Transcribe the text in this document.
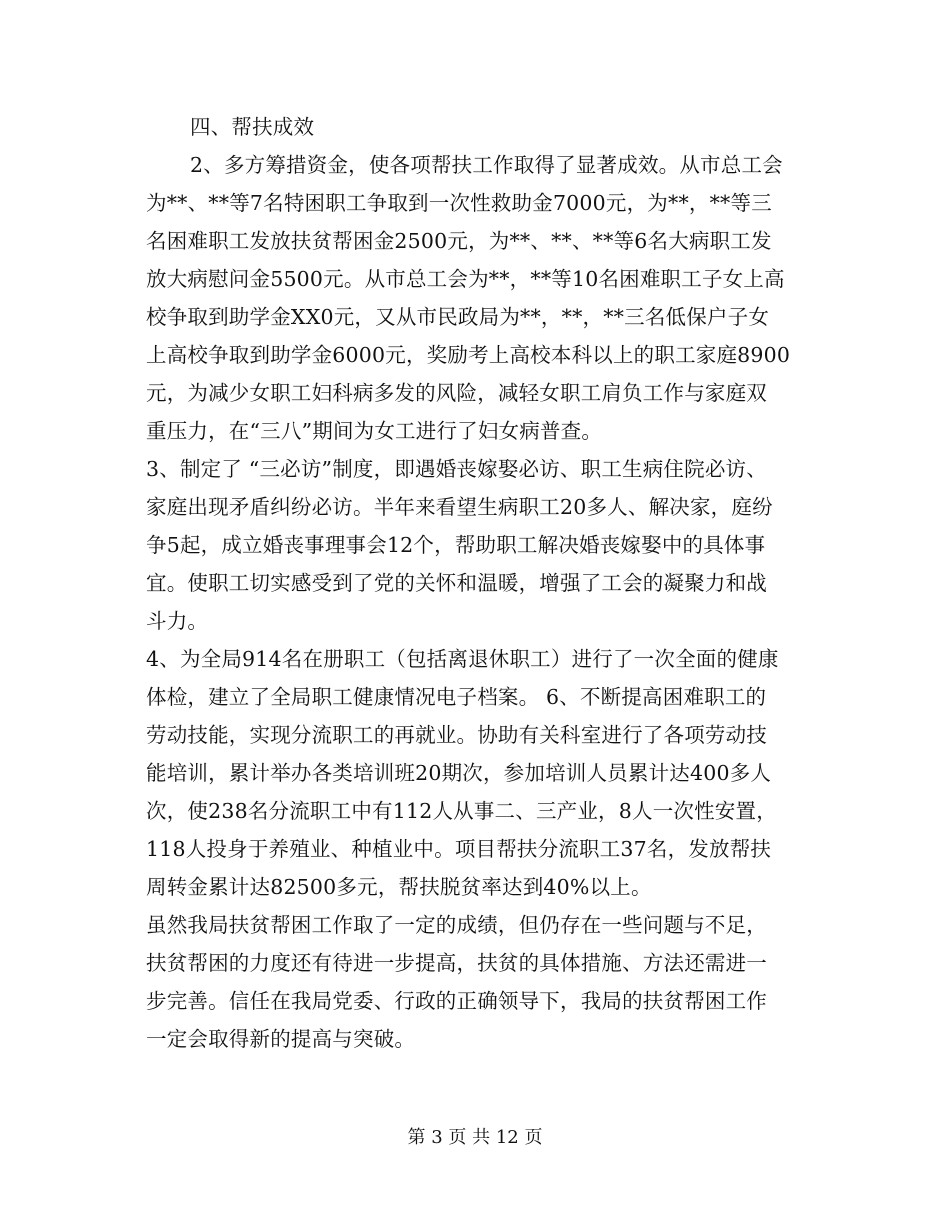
四、帮扶成效
2、多方筹措资金，使各项帮扶工作取得了显著成效。从市总工会
为**、**等7名特困职工争取到一次性救助金7000元，为**，**等三
名困难职工发放扶贫帮困金2500元，为**、**、**等6名大病职工发
放大病慰问金5500元。从市总工会为**，**等10名困难职工子女上高
校争取到助学金XX0元，又从市民政局为**，**，**三名低保户子女
上高校争取到助学金6000元，奖励考上高校本科以上的职工家庭8900
元，为减少女职工妇科病多发的风险，减轻女职工肩负工作与家庭双
重压力，在“三八”期间为女工进行了妇女病普查。
3、制定了 “三必访”制度，即遇婚丧嫁娶必访、职工生病住院必访、
家庭出现矛盾纠纷必访。半年来看望生病职工20多人、解决家，庭纷
争5起，成立婚丧事理事会12个，帮助职工解决婚丧嫁娶中的具体事
宜。使职工切实感受到了党的关怀和温暖，增强了工会的凝聚力和战
斗力。
4、为全局914名在册职工（包括离退休职工）进行了一次全面的健康
体检，建立了全局职工健康情况电子档案。 6、不断提高困难职工的
劳动技能，实现分流职工的再就业。协助有关科室进行了各项劳动技
能培训，累计举办各类培训班20期次，参加培训人员累计达400多人
次，使238名分流职工中有112人从事二、三产业，8人一次性安置，
118人投身于养殖业、种植业中。项目帮扶分流职工37名，发放帮扶
周转金累计达82500多元，帮扶脱贫率达到40%以上。
虽然我局扶贫帮困工作取了一定的成绩，但仍存在一些问题与不足，
扶贫帮困的力度还有待进一步提高，扶贫的具体措施、方法还需进一
步完善。信任在我局党委、行政的正确领导下，我局的扶贫帮困工作
一定会取得新的提高与突破。
第 3 页 共 12 页
